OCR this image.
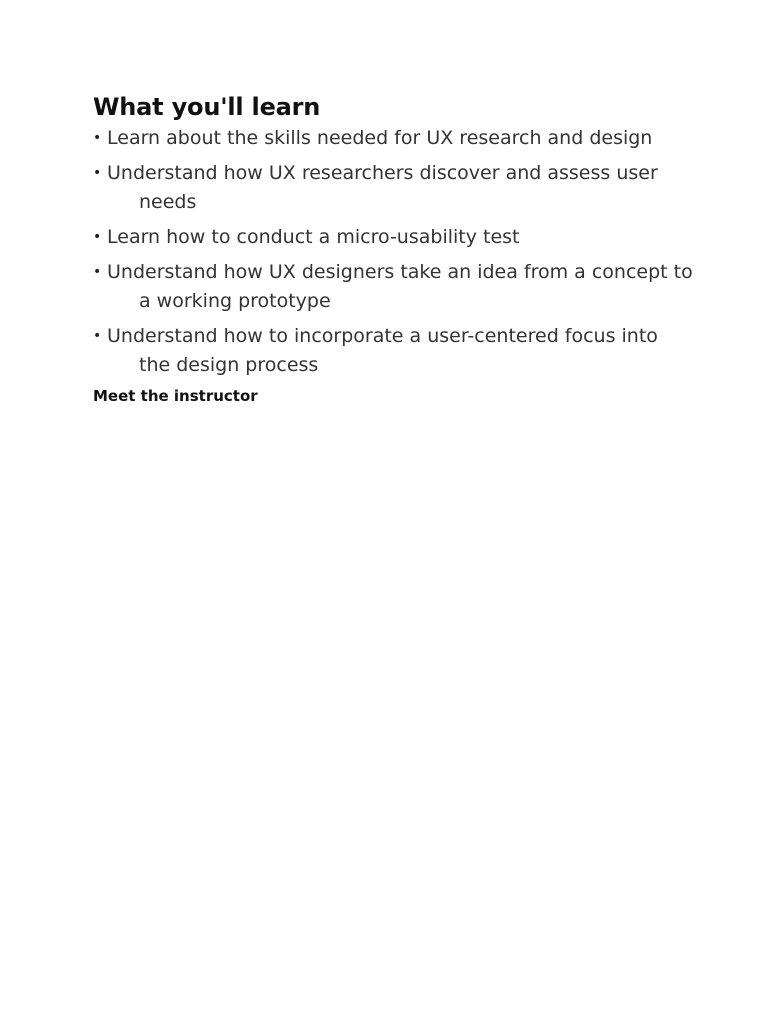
What you'll learn
• Learn about the skills needed for UX research and design
• Understand how UX researchers discover and assess user needs
• Learn how to conduct a micro-usability test
• Understand how UX designers take an idea from a concept to a working prototype
• Understand how to incorporate a user-centered focus into the design process
Meet the instructor
